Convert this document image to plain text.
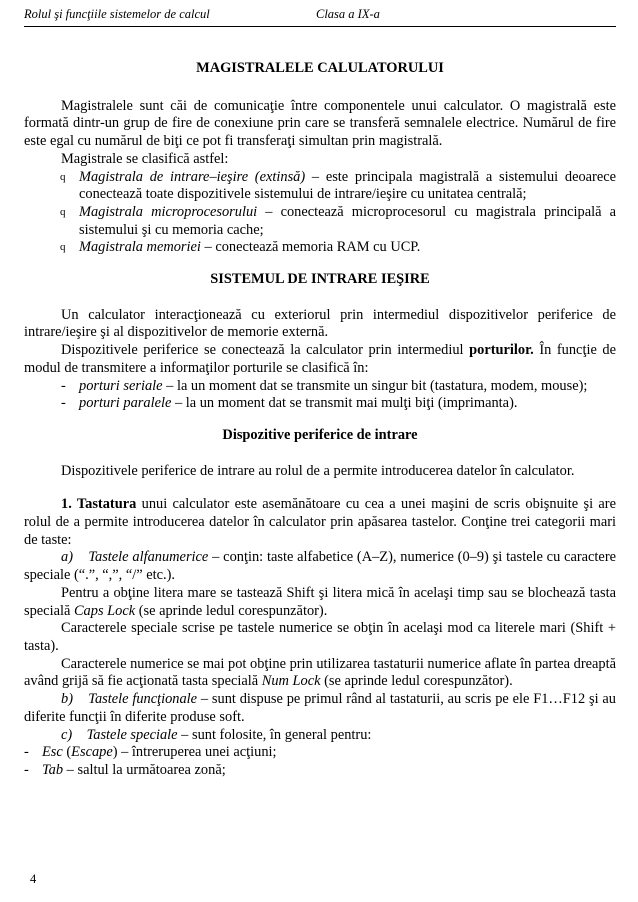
Rolul şi funcţiile sistemelor de calcul	Clasa a IX-a

MAGISTRALELE CALULATORULUI

Magistralele sunt căi de comunicaţie între componentele unui calculator. O magistrală este formată dintr-un grup de fire de conexiune prin care se transferă semnalele electrice. Numărul de fire este egal cu numărul de biţi ce pot fi transferaţi simultan prin magistrală.

Magistrale se clasifică astfel:

q Magistrala de intrare–ieşire (extinsă) – este principala magistrală a sistemului deoarece conectează toate dispozitivele sistemului de intrare/ieşire cu unitatea centrală;

q Magistrala microprocesorului – conectează microprocesorul cu magistrala principală a sistemului şi cu memoria cache;

q Magistrala memoriei – conectează memoria RAM cu UCP.

SISTEMUL DE INTRARE IEŞIRE

Un calculator interacţionează cu exteriorul prin intermediul dispozitivelor periferice de intrare/ieşire şi al dispozitivelor de memorie externă.

Dispozitivele periferice se conectează la calculator prin intermediul porturilor. În funcţie de modul de transmitere a informaţilor porturile se clasifică în:

- porturi seriale – la un moment dat se transmite un singur bit (tastatura, modem, mouse);

- porturi paralele – la un moment dat se transmit mai mulţi biţi (imprimanta).

Dispozitive periferice de intrare

Dispozitivele periferice de intrare au rolul de a permite introducerea datelor în calculator.

1. Tastatura unui calculator este asemănătoare cu cea a unei maşini de scris obişnuite şi are rolul de a permite introducerea datelor în calculator prin apăsarea tastelor. Conţine trei categorii mari de taste:

a) Tastele alfanumerice – conţin: taste alfabetice (A–Z), numerice (0–9) şi tastele cu caractere speciale (“.”, “,”, “/” etc.).

Pentru a obţine litera mare se tastează Shift şi litera mică în acelaşi timp sau se blochează tasta specială Caps Lock (se aprinde ledul corespunzător).

Caracterele speciale scrise pe tastele numerice se obţin în acelaşi mod ca literele mari (Shift + tasta).

Caracterele numerice se mai pot obţine prin utilizarea tastaturii numerice aflate în partea dreaptă având grijă să fie acţionată tasta specială Num Lock (se aprinde ledul corespunzător).

b) Tastele funcţionale – sunt dispuse pe primul rând al tastaturii, au scris pe ele F1…F12 şi au diferite funcţii în diferite produse soft.

c) Tastele speciale – sunt folosite, în general pentru:

- Esc (Escape) – întreruperea unei acţiuni;

- Tab – saltul la următoarea zonă;

4
